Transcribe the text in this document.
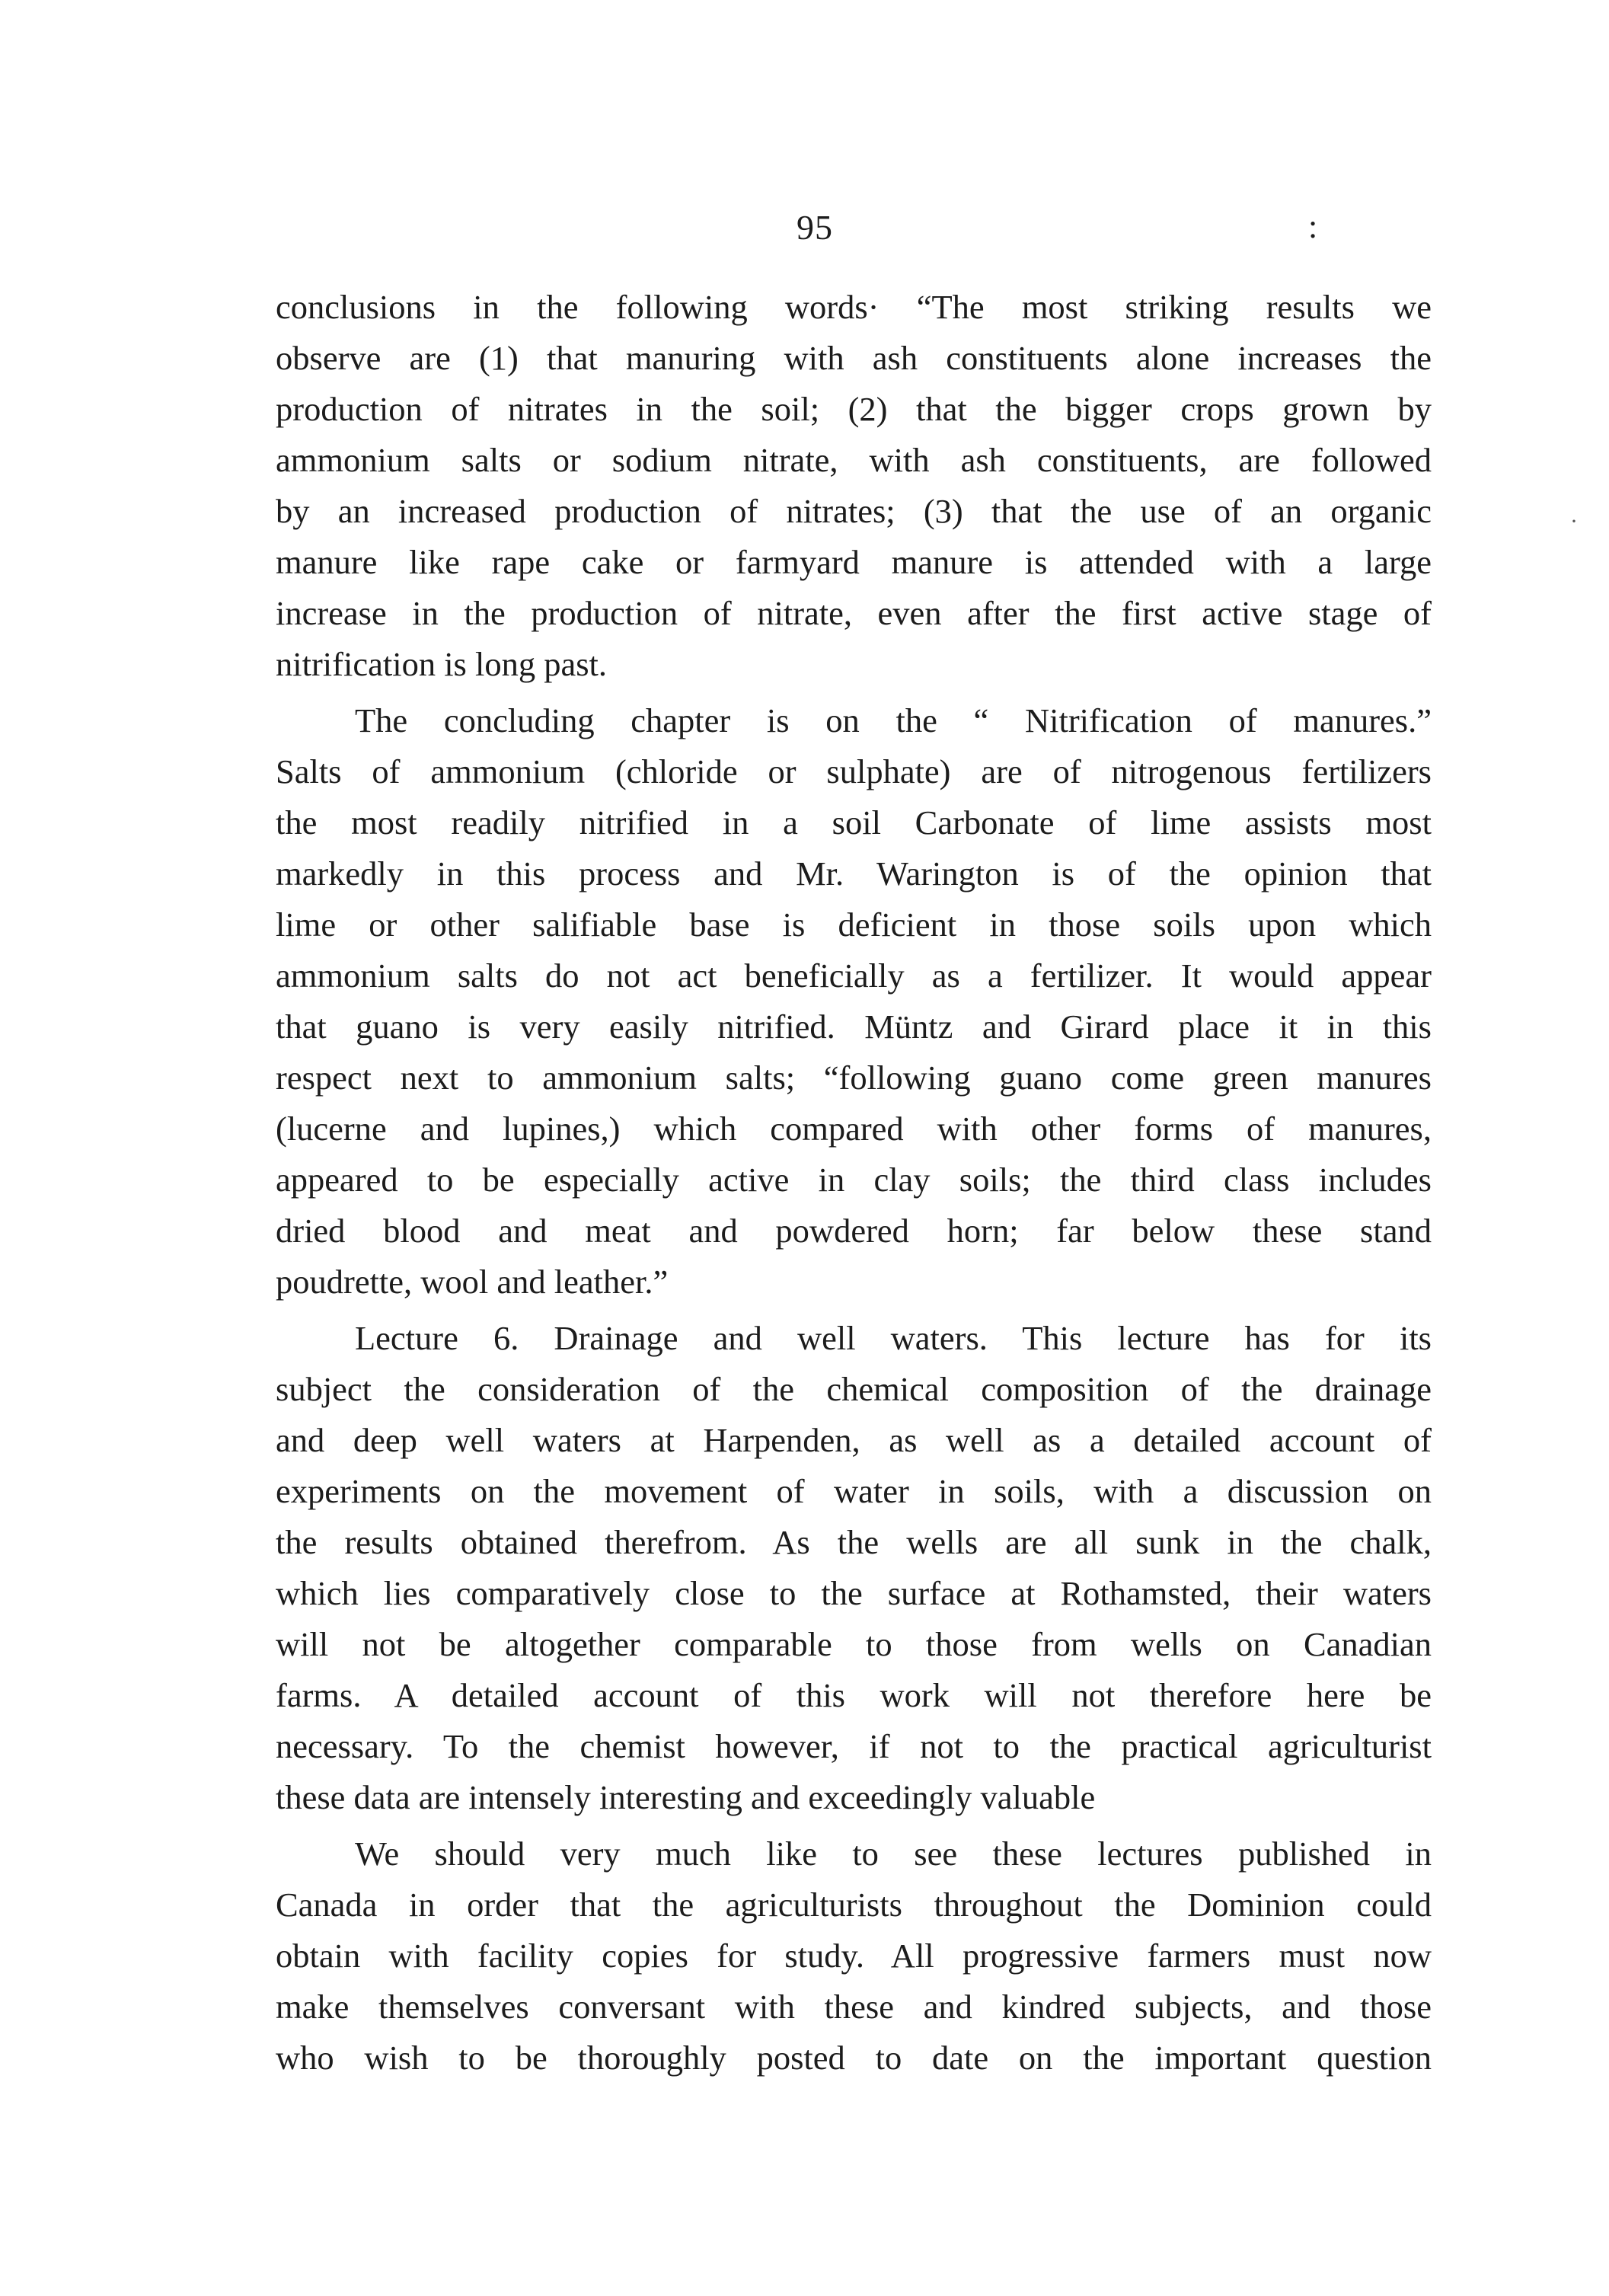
95	:
·
conclusions in the following words· “The most striking results we
observe are (1) that manuring with ash constituents alone increases the
production of nitrates in the soil; (2) that the bigger crops grown by
ammonium salts or sodium nitrate, with ash constituents, are followed
by an increased production of nitrates; (3) that the use of an organic
manure like rape cake or farmyard manure is attended with a large
increase in the production of nitrate, even after the first active stage of
nitrification is long past.
The concluding chapter is on the “ Nitrification of manures.”
Salts of ammonium (chloride or sulphate) are of nitrogenous fertilizers
the most readily nitrified in a soil Carbonate of lime assists most
markedly in this process and Mr. Warington is of the opinion that
lime or other salifiable base is deficient in those soils upon which
ammonium salts do not act beneficially as a fertilizer. It would appear
that guano is very easily nitrified. Müntz and Girard place it in this
respect next to ammonium salts; “following guano come green manures
(lucerne and lupines,) which compared with other forms of manures,
appeared to be especially active in clay soils; the third class includes
dried blood and meat and powdered horn; far below these stand
poudrette, wool and leather.”
Lecture 6. Drainage and well waters. This lecture has for its
subject the consideration of the chemical composition of the drainage
and deep well waters at Harpenden, as well as a detailed account of
experiments on the movement of water in soils, with a discussion on
the results obtained therefrom. As the wells are all sunk in the chalk,
which lies comparatively close to the surface at Rothamsted, their waters
will not be altogether comparable to those from wells on Canadian
farms. A detailed account of this work will not therefore here be
necessary. To the chemist however, if not to the practical agriculturist
these data are intensely interesting and exceedingly valuable
We should very much like to see these lectures published in
Canada in order that the agriculturists throughout the Dominion could
obtain with facility copies for study. All progressive farmers must now
make themselves conversant with these and kindred subjects, and those
who wish to be thoroughly posted to date on the important question
